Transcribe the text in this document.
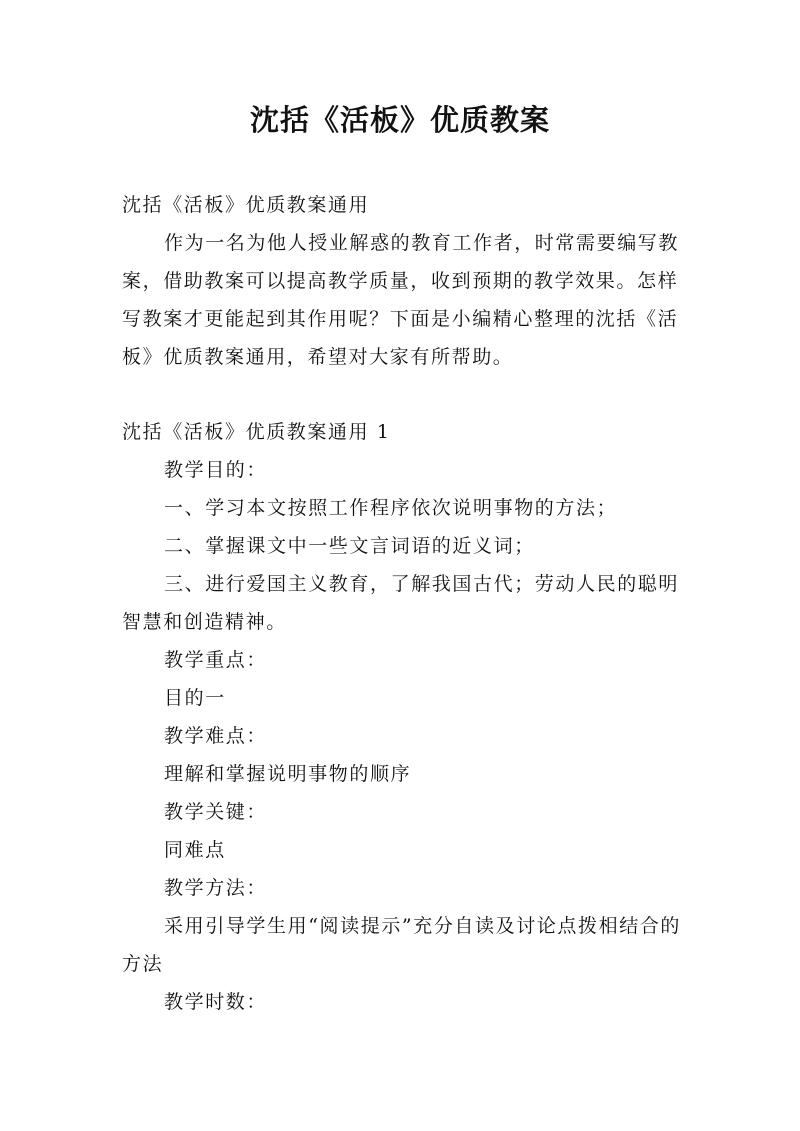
沈括《活板》优质教案

沈括《活板》优质教案通用

作为一名为他人授业解惑的教育工作者，时常需要编写教案，借助教案可以提高教学质量，收到预期的教学效果。怎样写教案才更能起到其作用呢？下面是小编精心整理的沈括《活板》优质教案通用，希望对大家有所帮助。

沈括《活板》优质教案通用 1

教学目的：

一、学习本文按照工作程序依次说明事物的方法；

二、掌握课文中一些文言词语的近义词；

三、进行爱国主义教育，了解我国古代；劳动人民的聪明智慧和创造精神。

教学重点：

目的一

教学难点：

理解和掌握说明事物的顺序

教学关键：

同难点

教学方法：

采用引导学生用“阅读提示”充分自读及讨论点拨相结合的方法

教学时数：
